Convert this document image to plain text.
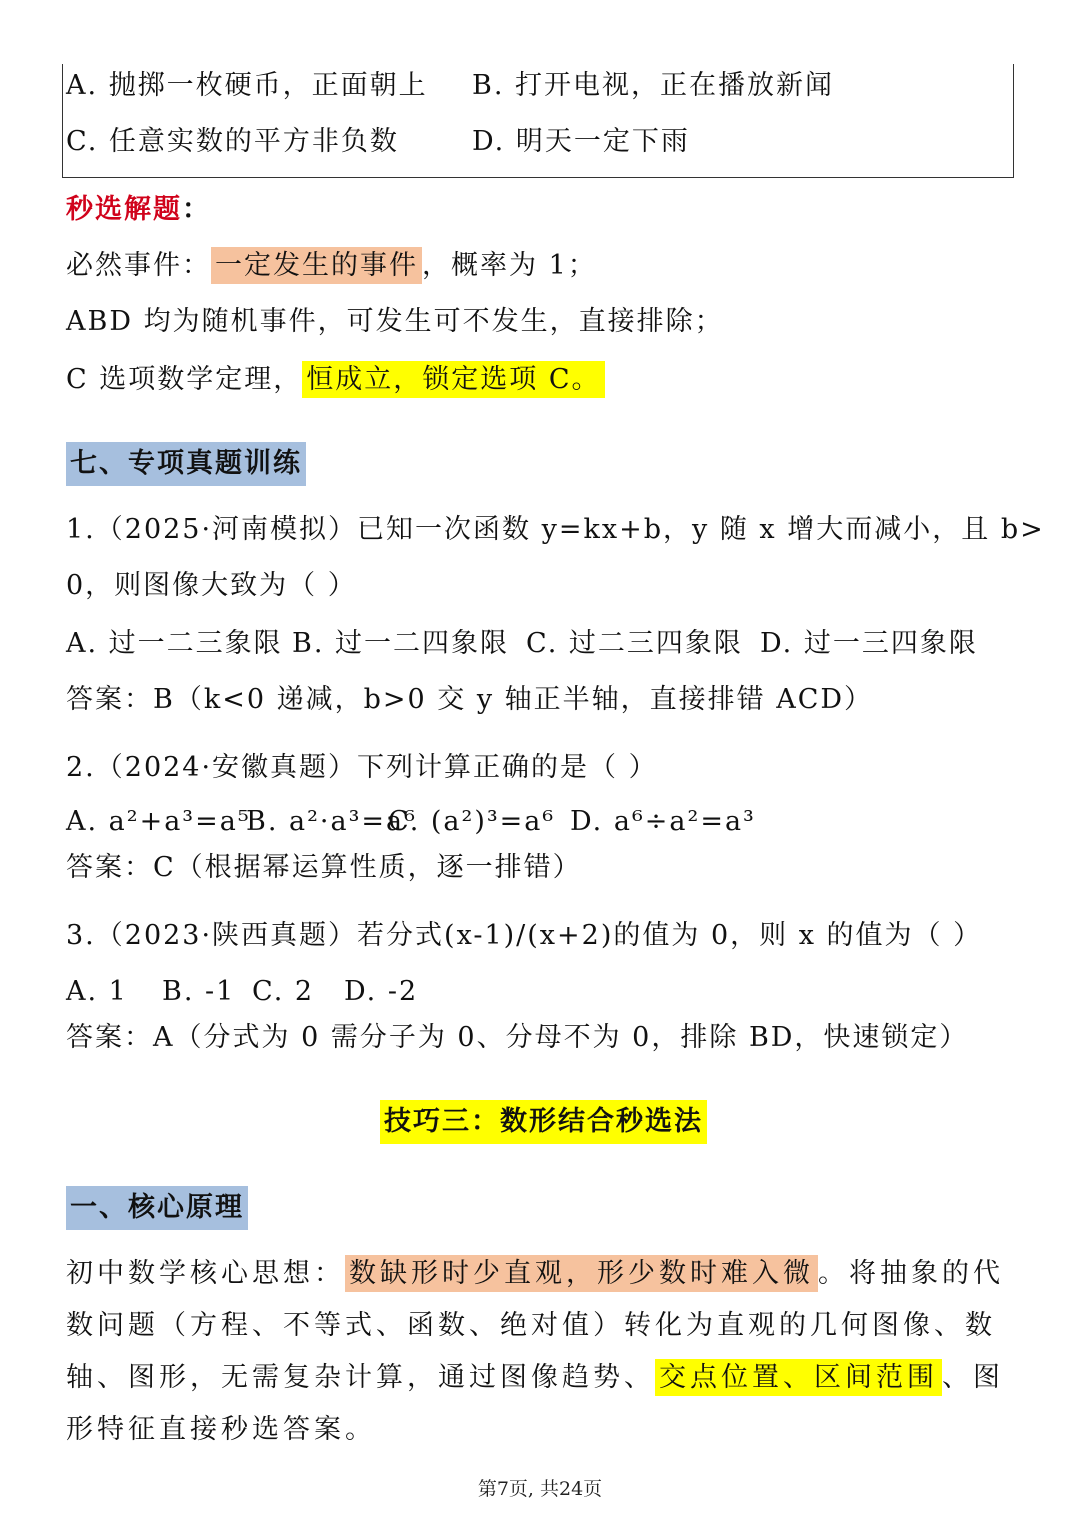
A. 抛掷一枚硬币，正面朝上 B. 打开电视，正在播放新闻
C. 任意实数的平方非负数	D. 明天一定下雨
秒选解题：
必然事件： 一定发生的事件 ，概率为 1；
ABD 均为随机事件，可发生可不发生，直接排除；
C 选项数学定理， 恒成立，锁定选项 C。
七、专项真题训练
1.（2025·河南模拟）已知一次函数 y=kx+b，y 随 x 增大而减小，且 b>
0，则图像大致为（ ）
A. 过一二三象限 B. 过一二四象限 C. 过二三四象限 D. 过一三四象限
答案：B（k<0 递减，b>0 交 y 轴正半轴，直接排错 ACD）
2.（2024·安徽真题）下列计算正确的是（ ）
A. a²+a³=a⁵B. a²·a³=a⁶C. (a²)³=a⁶ D. a⁶÷a²=a³
答案：C（根据幂运算性质，逐一排错）
3.（2023·陕西真题）若分式(x-1)/(x+2)的值为 0，则 x 的值为（ ）
A. 1 B. -1 C. 2 D. -2
答案：A（分式为 0 需分子为 0、分母不为 0，排除 BD，快速锁定）
技巧三：数形结合秒选法
一、核心原理
初中数学核心思想： 数缺形时少直观，形少数时难入微 。将抽象的代数问题（方程、不等式、函数、绝对值）转化为直观的几何图像、数轴、图形，无需复杂计算，通过图像趋势、 交点位置、区间范围 、图形特征直接秒选答案。
第7页, 共24页
